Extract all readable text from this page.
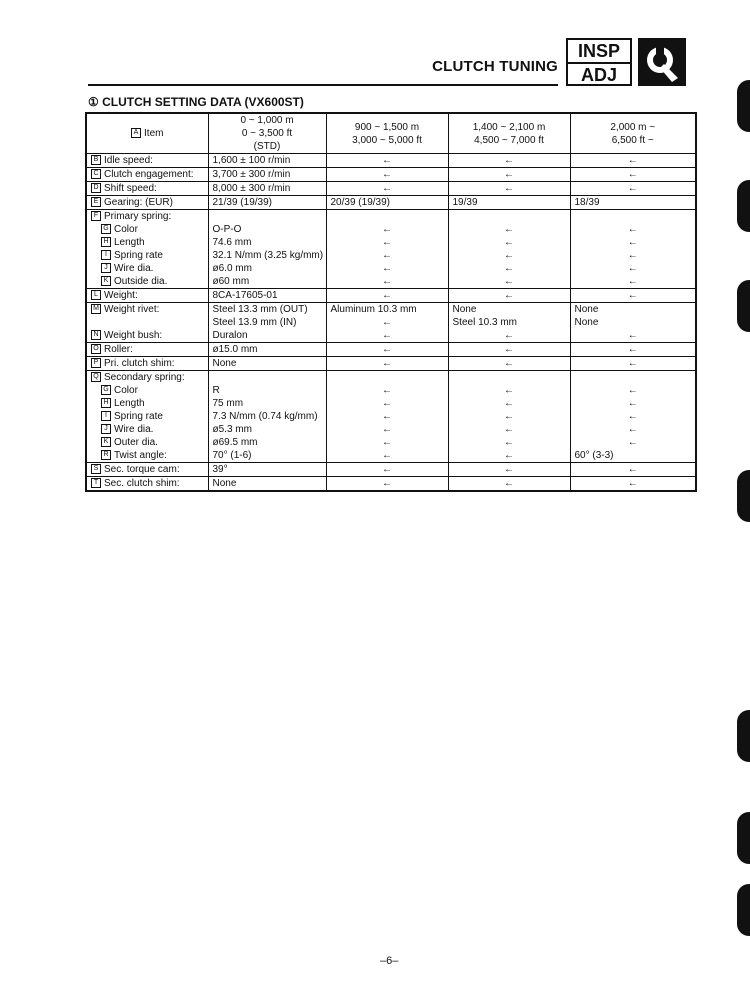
CLUTCH TUNING
INSP
ADJ
① CLUTCH SETTING DATA (VX600ST)
A Item	0 ~ 1,000 m
0 ~ 3,500 ft
(STD)	900 ~ 1,500 m
3,000 ~ 5,000 ft	1,400 ~ 2,100 m
4,500 ~ 7,000 ft	2,000 m ~
6,500 ft ~
B Idle speed:	1,600 ± 100 r/min	←	←	←
C Clutch engagement:	3,700 ± 300 r/min	←	←	←
D Shift speed:	8,000 ± 300 r/min	←	←	←
E Gearing: (EUR)	21/39 (19/39)	20/39 (19/39)	19/39	18/39
F Primary spring:				
G Color	O-P-O	←	←	←
H Length	74.6 mm	←	←	←
I Spring rate	32.1 N/mm (3.25 kg/mm)	←	←	←
J Wire dia.	ø6.0 mm	←	←	←
K Outside dia.	ø60 mm	←	←	←
L Weight:	8CA-17605-01	←	←	←
M Weight rivet:	Steel 13.3 mm (OUT)	Aluminum 10.3 mm	None	None
	Steel 13.9 mm (IN)	←	Steel 10.3 mm	None
N Weight bush:	Duralon	←	←	←
O Roller:	ø15.0 mm	←	←	←
P Pri. clutch shim:	None	←	←	←
Q Secondary spring:				
G Color	R	←	←	←
H Length	75 mm	←	←	←
I Spring rate	7.3 N/mm (0.74 kg/mm)	←	←	←
J Wire dia.	ø5.3 mm	←	←	←
K Outer dia.	ø69.5 mm	←	←	←
R Twist angle:	70° (1-6)	←	←	60° (3-3)
S Sec. torque cam:	39°	←	←	←
T Sec. clutch shim:	None	←	←	←
–6–
